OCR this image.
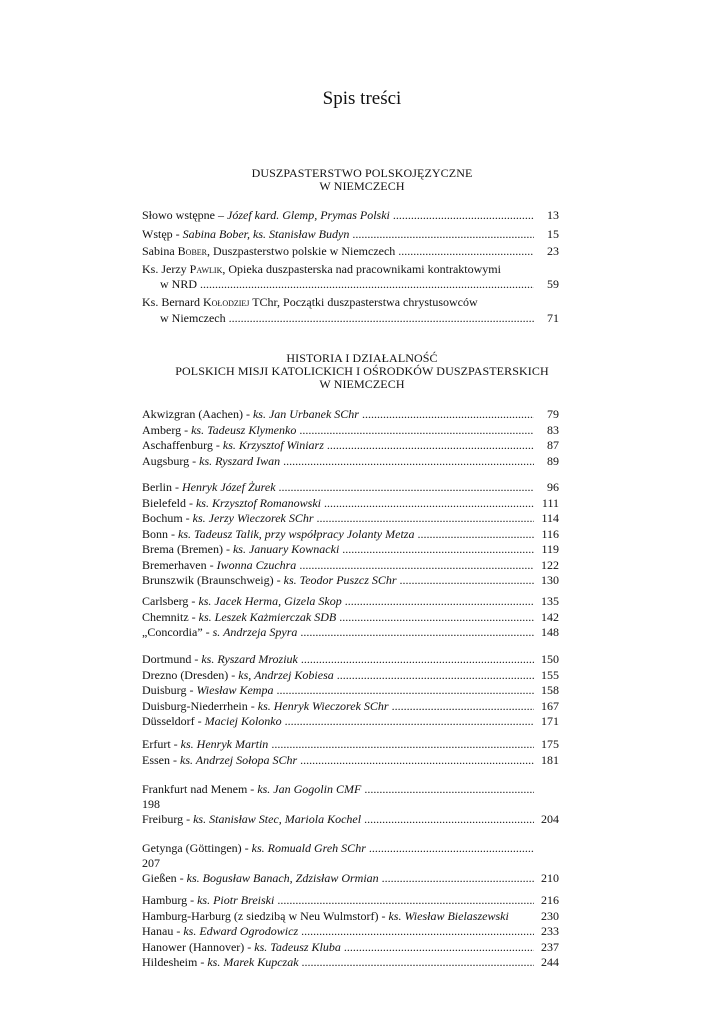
Spis treści
DUSZPASTERSTWO POLSKOJĘZYCZNE
W NIEMCZECH
Słowo wstępne – Józef kard. Glemp, Prymas Polski .....	13
Wstęp - Sabina Bober, ks. Stanisław Budyn .....	15
Sabina Bober, Duszpasterstwo polskie w Niemczech .....	23
Ks. Jerzy Pawlik, Opieka duszpasterska nad pracownikami kontraktowymi
w NRD .....	59
Ks. Bernard Kołodziej TChr, Początki duszpasterstwa chrystusowców
w Niemczech .....	71
HISTORIA I DZIAŁALNOŚĆ
POLSKICH MISJI KATOLICKICH I OŚRODKÓW DUSZPASTERSKICH
W NIEMCZECH
Akwizgran (Aachen) - ks. Jan Urbanek SChr .....	79
Amberg - ks. Tadeusz Klymenko .....	83
Aschaffenburg - ks. Krzysztof Winiarz .....	87
Augsburg - ks. Ryszard Iwan .....	89
Berlin - Henryk Józef Żurek .....	96
Bielefeld - ks. Krzysztof Romanowski .....	111
Bochum - ks. Jerzy Wieczorek SChr .....	114
Bonn - ks. Tadeusz Talik, przy współpracy Jolanty Metza .....	116
Brema (Bremen) - ks. January Kownacki .....	119
Bremerhaven - Iwonna Czuchra .....	122
Brunszwik (Braunschweig) - ks. Teodor Puszcz SChr .....	130
Carlsberg - ks. Jacek Herma, Gizela Skop .....	135
Chemnitz - ks. Leszek Każmierczak SDB .....	142
„Concordia” - s. Andrzeja Spyra .....	148
Dortmund - ks. Ryszard Mroziuk .....	150
Drezno (Dresden) - ks, Andrzej Kobiesa .....	155
Duisburg - Wiesław Kempa .....	158
Duisburg-Niederrhein - ks. Henryk Wieczorek SChr .....	167
Düsseldorf - Maciej Kolonko .....	171
Erfurt - ks. Henryk Martin .....	175
Essen - ks. Andrzej Sołopa SChr .....	181
Frankfurt nad Menem - ks. Jan Gogolin CMF .....
198
Freiburg - ks. Stanisław Stec, Mariola Kochel .....	204
Getynga (Göttingen) - ks. Romuald Greh SChr .....
207
Gießen - ks. Bogusław Banach, Zdzisław Ormian .....	210
Hamburg - ks. Piotr Breiski .....	216
Hamburg-Harburg (z siedzibą w Neu Wulmstorf) - ks. Wiesław Bielaszewski	230
Hanau - ks. Edward Ogrodowicz .....	233
Hanower (Hannover) - ks. Tadeusz Kluba .....	237
Hildesheim - ks. Marek Kupczak .....	244
